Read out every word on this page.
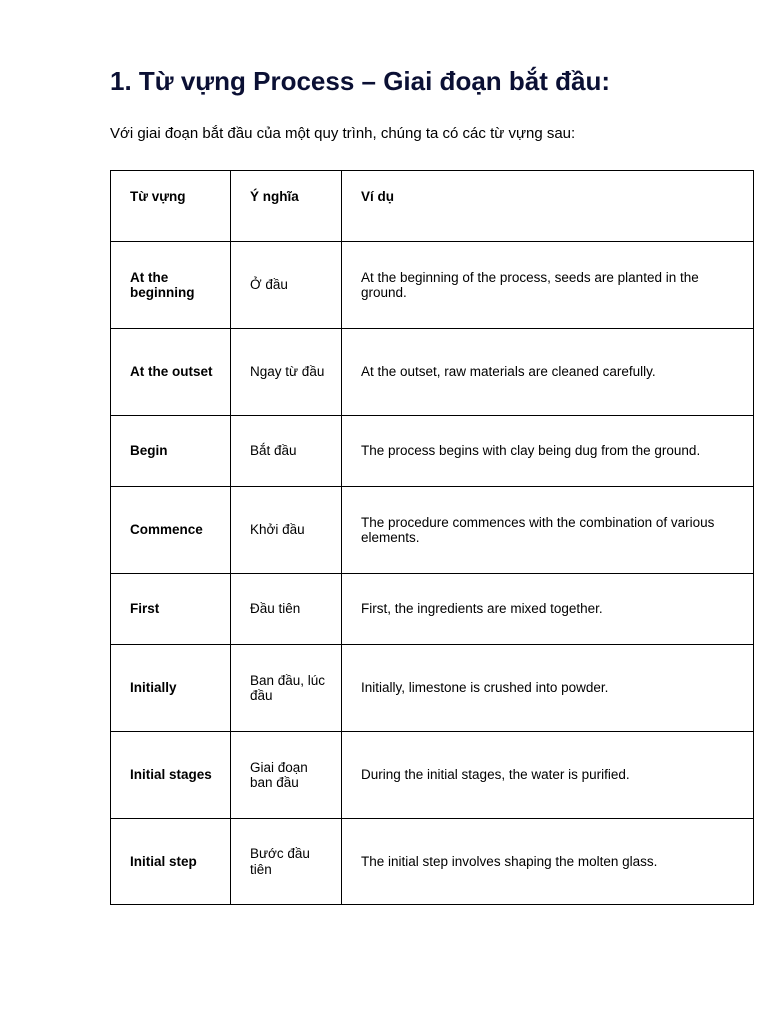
1. Từ vựng Process – Giai đoạn bắt đầu:

Với giai đoạn bắt đầu của một quy trình, chúng ta có các từ vựng sau:

Từ vựng	Ý nghĩa	Ví dụ
At the beginning	Ở đầu	At the beginning of the process, seeds are planted in the ground.
At the outset	Ngay từ đầu	At the outset, raw materials are cleaned carefully.
Begin	Bắt đầu	The process begins with clay being dug from the ground.
Commence	Khởi đầu	The procedure commences with the combination of various elements.
First	Đầu tiên	First, the ingredients are mixed together.
Initially	Ban đầu, lúc đầu	Initially, limestone is crushed into powder.
Initial stages	Giai đoạn ban đầu	During the initial stages, the water is purified.
Initial step	Bước đầu tiên	The initial step involves shaping the molten glass.
